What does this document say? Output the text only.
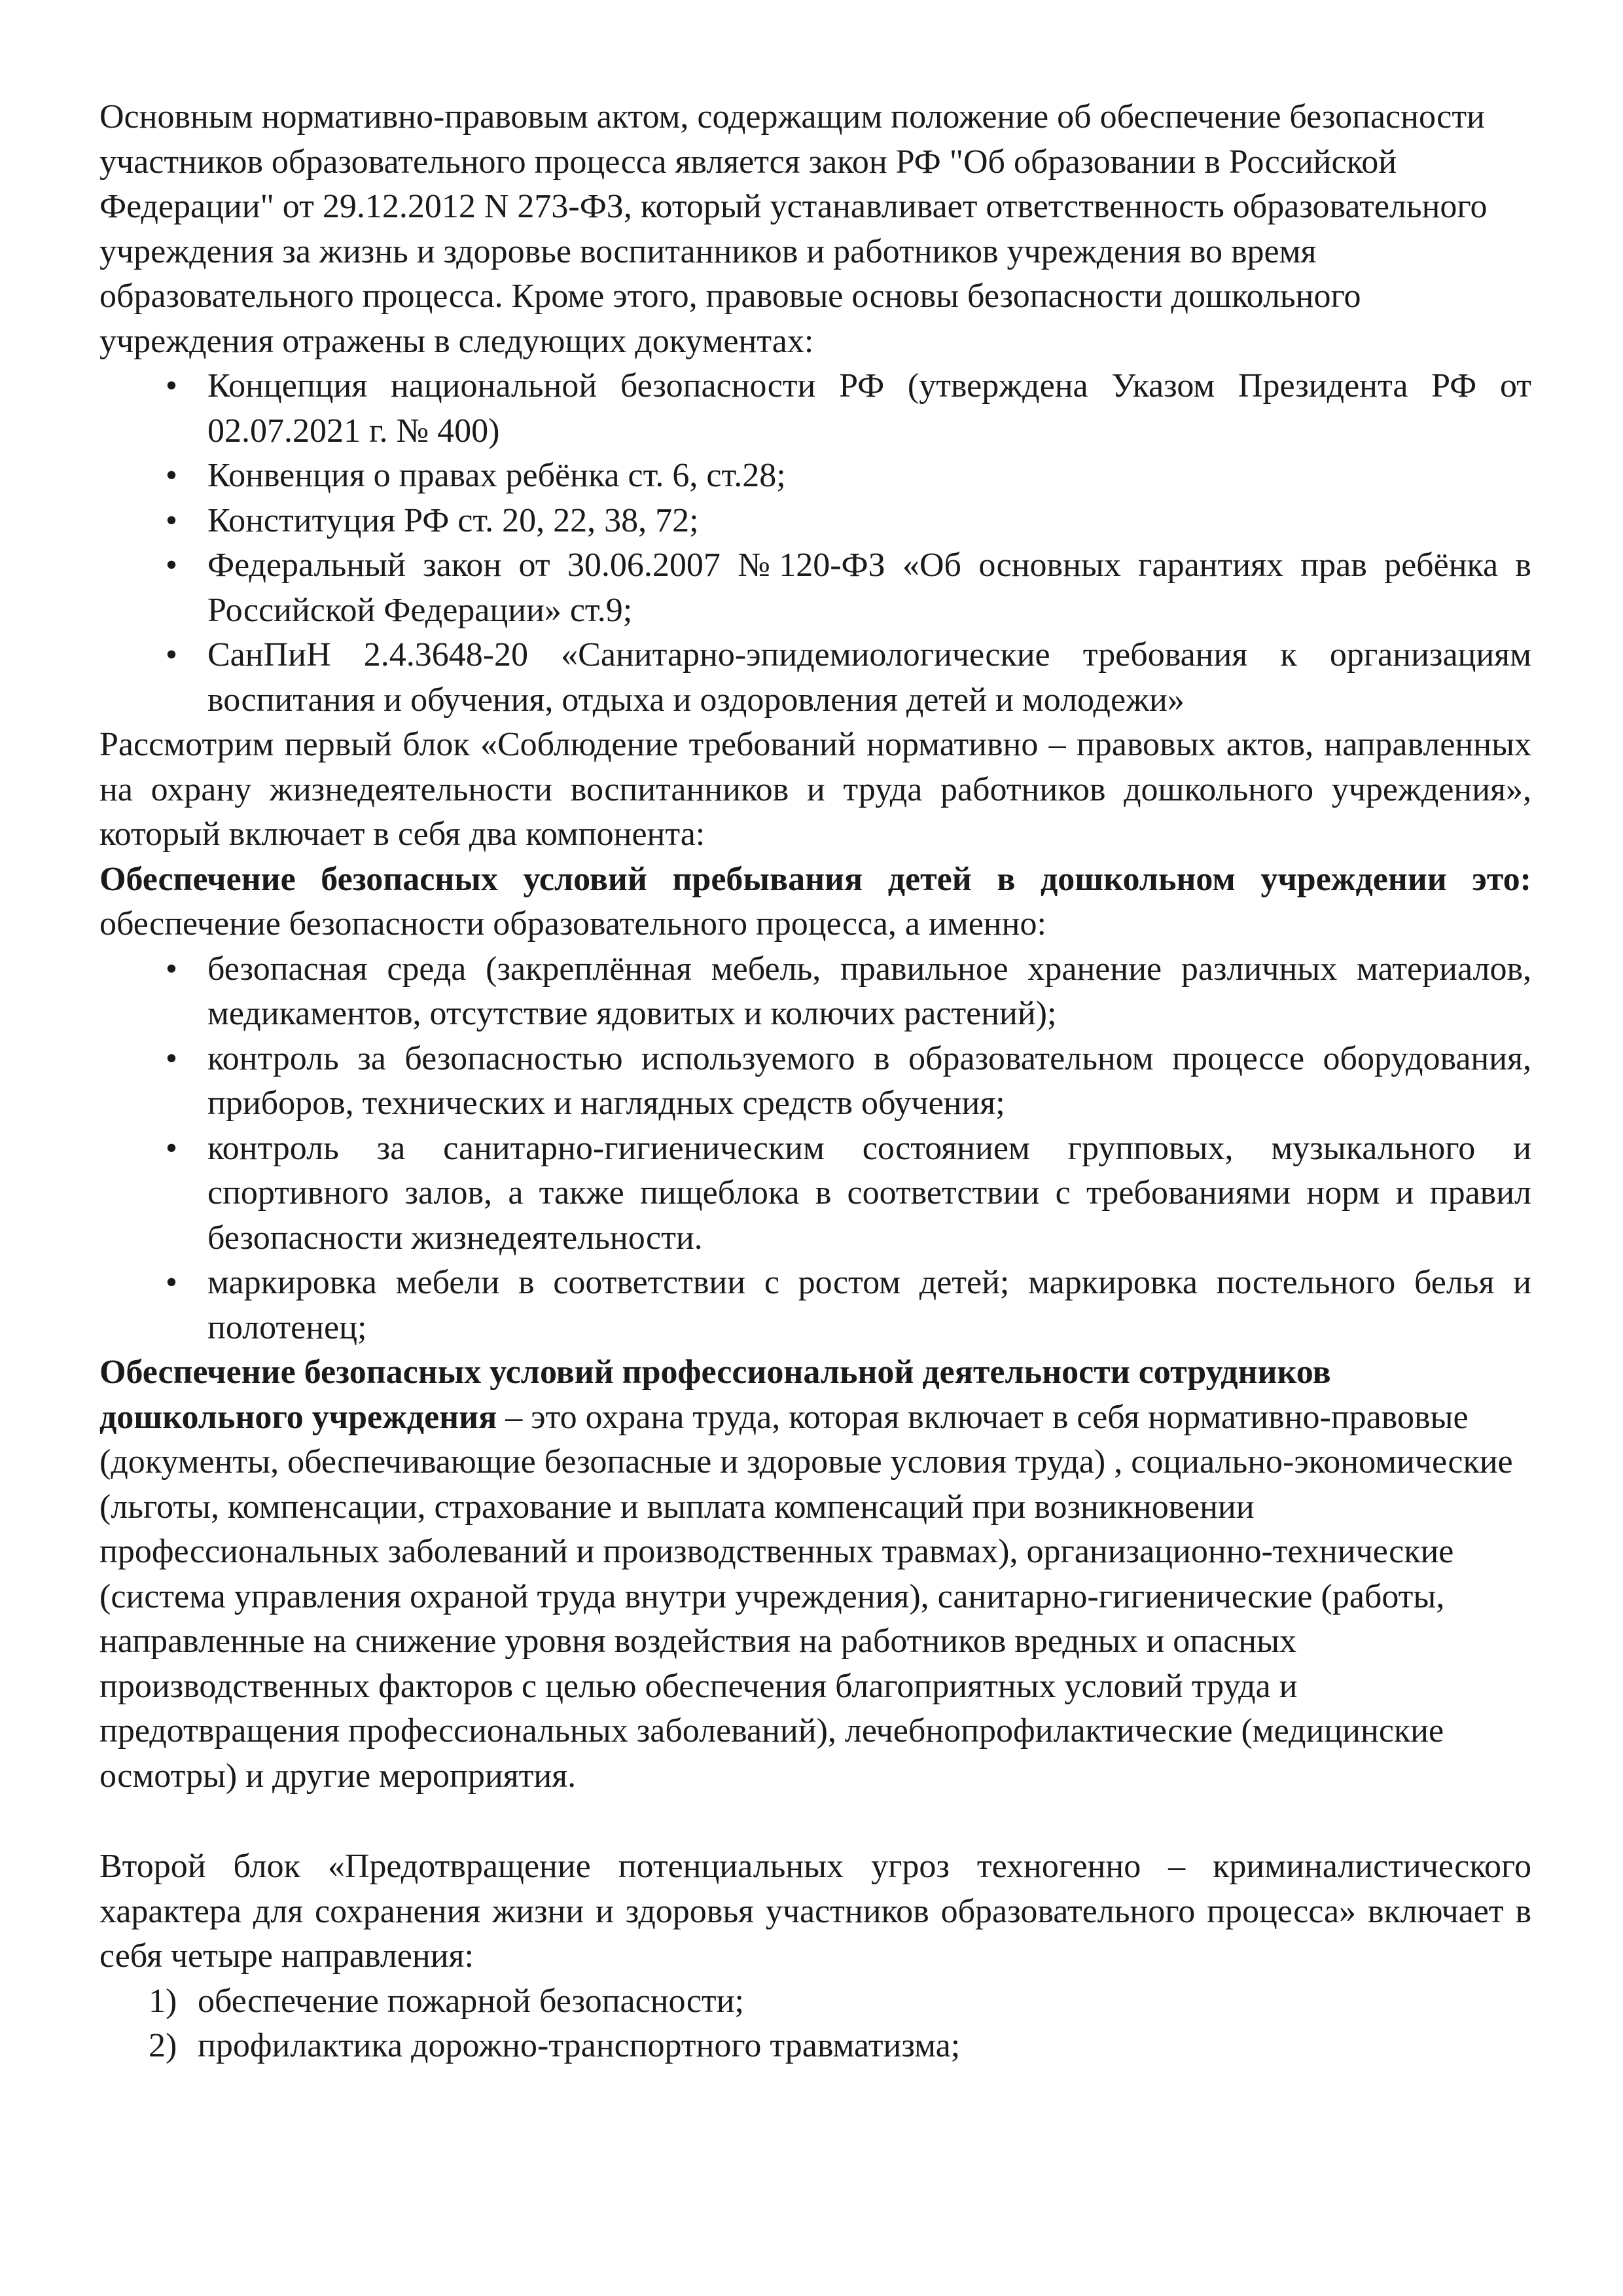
Основным нормативно-правовым актом, содержащим положение об обеспечение безопасности участников образовательного процесса является закон РФ "Об образовании в Российской Федерации" от 29.12.2012 N 273-ФЗ, который устанавливает ответственность образовательного учреждения за жизнь и здоровье воспитанников и работников учреждения во время образовательного процесса. Кроме этого, правовые основы безопасности дошкольного учреждения отражены в следующих документах:

• Концепция национальной безопасности РФ (утверждена Указом Президента РФ от 02.07.2021 г. № 400)
• Конвенция о правах ребёнка ст. 6, ст.28;
• Конституция РФ ст. 20, 22, 38, 72;
• Федеральный закон от 30.06.2007 №120-ФЗ «Об основных гарантиях прав ребёнка в Российской Федерации» ст.9;
• СанПиН 2.4.3648-20 «Санитарно-эпидемиологические требования к организациям воспитания и обучения, отдыха и оздоровления детей и молодежи»

Рассмотрим первый блок «Соблюдение требований нормативно – правовых актов, направленных на охрану жизнедеятельности воспитанников и труда работников дошкольного учреждения», который включает в себя два компонента:

Обеспечение безопасных условий пребывания детей в дошкольном учреждении это: обеспечение безопасности образовательного процесса, а именно:

• безопасная среда (закреплённая мебель, правильное хранение различных материалов, медикаментов, отсутствие ядовитых и колючих растений);
• контроль за безопасностью используемого в образовательном процессе оборудования, приборов, технических и наглядных средств обучения;
• контроль за санитарно-гигиеническим состоянием групповых, музыкального и спортивного залов, а также пищеблока в соответствии с требованиями норм и правил безопасности жизнедеятельности.
• маркировка мебели в соответствии с ростом детей; маркировка постельного белья и полотенец;

Обеспечение безопасных условий профессиональной деятельности сотрудников дошкольного учреждения – это охрана труда, которая включает в себя нормативно-правовые (документы, обеспечивающие безопасные и здоровые условия труда) , социально-экономические (льготы, компенсации, страхование и выплата компенсаций при возникновении профессиональных заболеваний и производственных травмах), организационно-технические (система управления охраной труда внутри учреждения), санитарно-гигиенические (работы, направленные на снижение уровня воздействия на работников вредных и опасных производственных факторов с целью обеспечения благоприятных условий труда и предотвращения профессиональных заболеваний), лечебнопрофилактические (медицинские осмотры) и другие мероприятия.

Второй блок «Предотвращение потенциальных угроз техногенно – криминалистического характера для сохранения жизни и здоровья участников образовательного процесса» включает в себя четыре направления:

1) обеспечение пожарной безопасности;
2) профилактика дорожно-транспортного травматизма;
